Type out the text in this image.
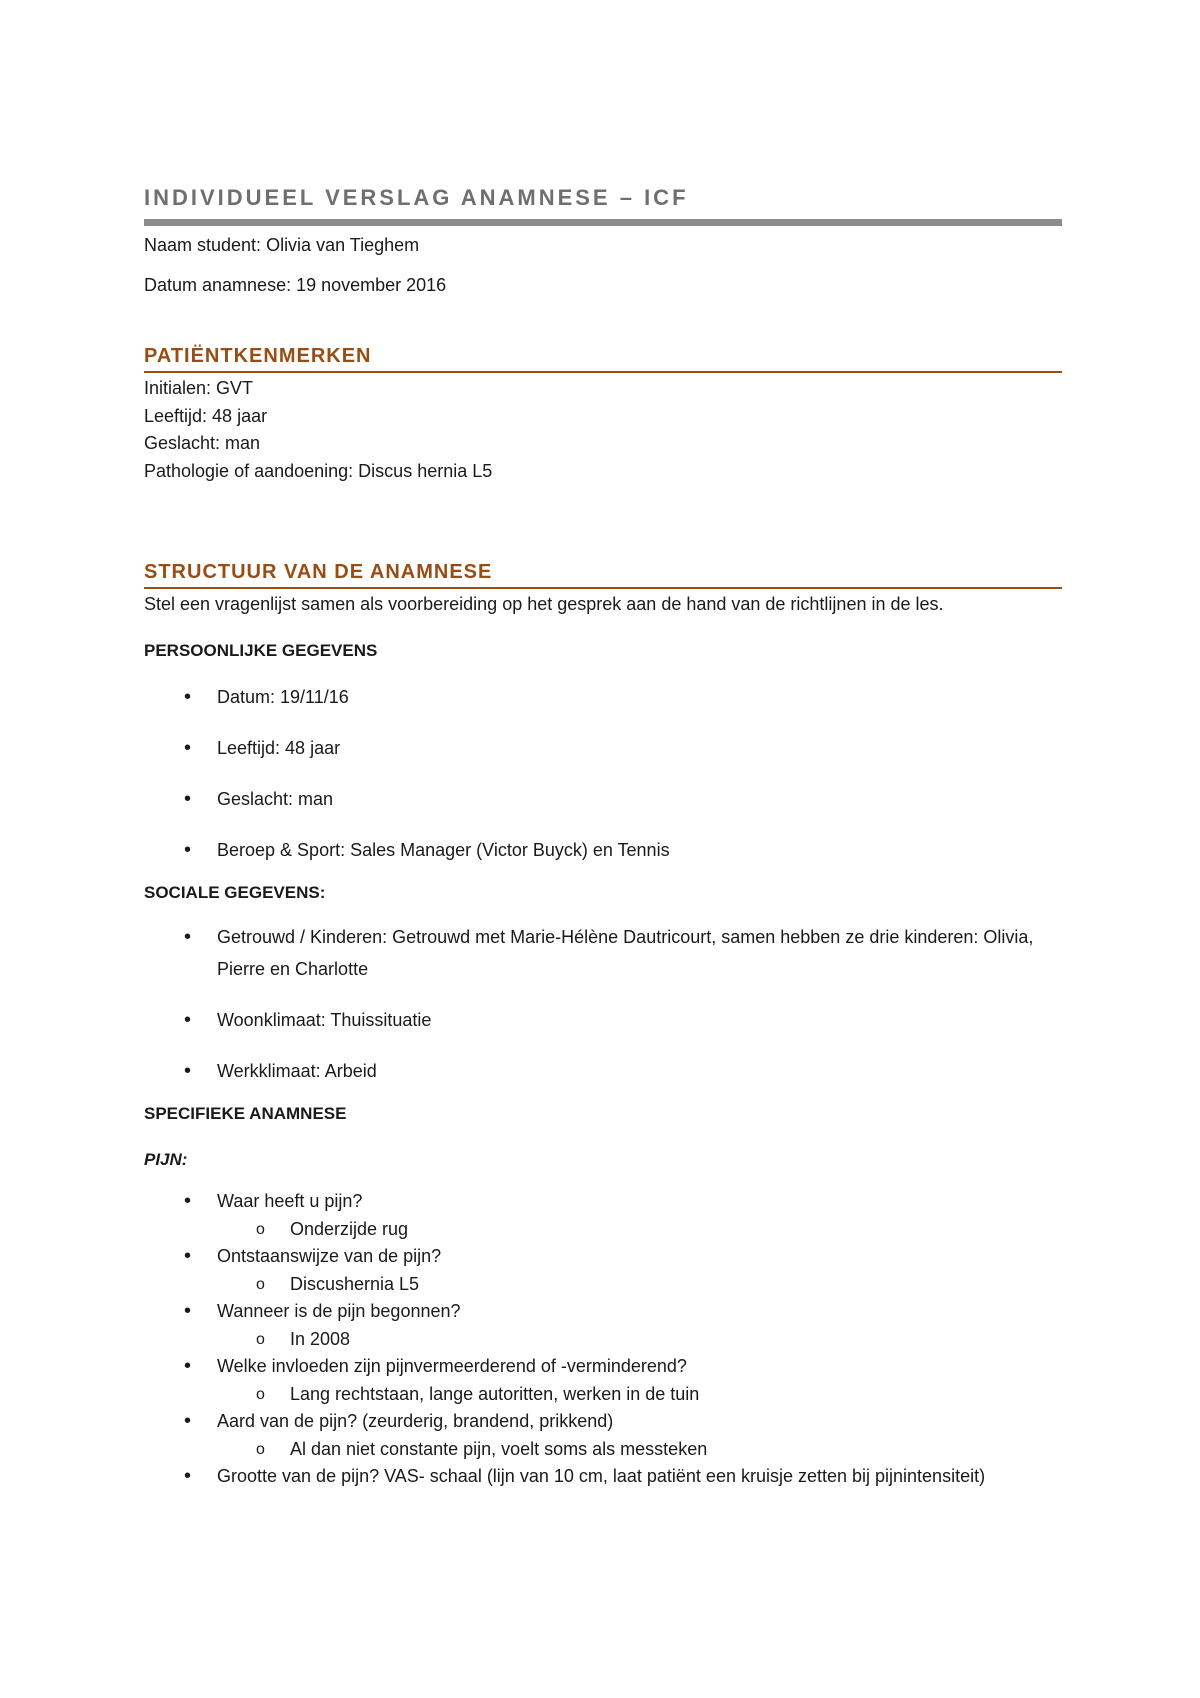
INDIVIDUEEL VERSLAG ANAMNESE – ICF

Naam student: Olivia van Tieghem

Datum anamnese: 19 november 2016

PATIËNTKENMERKEN

Initialen: GVT

Leeftijd: 48 jaar

Geslacht: man

Pathologie of aandoening: Discus hernia L5

STRUCTUUR VAN DE ANAMNESE

Stel een vragenlijst samen als voorbereiding op het gesprek aan de hand van de richtlijnen in de les.

PERSOONLIJKE GEGEVENS

• Datum: 19/11/16
• Leeftijd: 48 jaar
• Geslacht: man
• Beroep & Sport: Sales Manager (Victor Buyck) en Tennis

SOCIALE GEGEVENS:

• Getrouwd / Kinderen: Getrouwd met Marie-Hélène Dautricourt, samen hebben ze drie kinderen: Olivia, Pierre en Charlotte
• Woonklimaat: Thuissituatie
• Werkklimaat: Arbeid

SPECIFIEKE ANAMNESE

PIJN:

• Waar heeft u pijn?
o Onderzijde rug
• Ontstaanswijze van de pijn?
o Discushernia L5
• Wanneer is de pijn begonnen?
o In 2008
• Welke invloeden zijn pijnvermeerderend of -verminderend?
o Lang rechtstaan, lange autoritten, werken in de tuin
• Aard van de pijn? (zeurderig, brandend, prikkend)
o Al dan niet constante pijn, voelt soms als messteken
• Grootte van de pijn? VAS- schaal (lijn van 10 cm, laat patiënt een kruisje zetten bij pijnintensiteit)
